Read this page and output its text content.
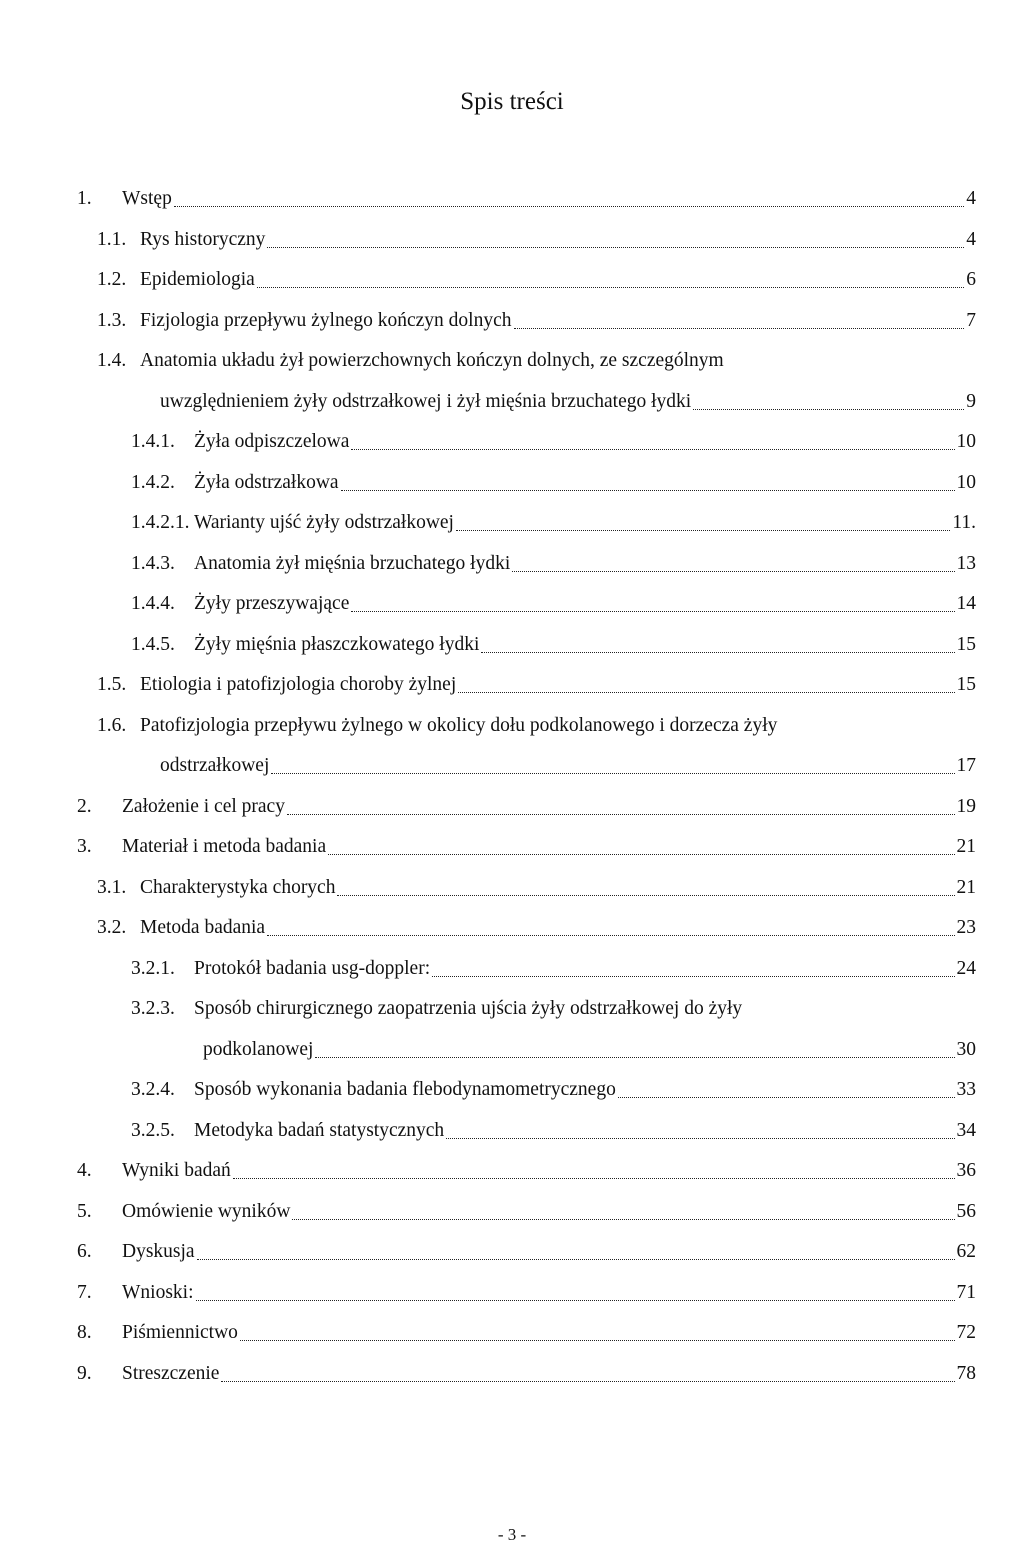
Spis treści
1.	Wstęp	4
1.1. Rys historyczny	4
1.2. Epidemiologia	6
1.3. Fizjologia przepływu żylnego kończyn dolnych	7
1.4. Anatomia układu żył powierzchownych kończyn dolnych, ze szczególnym
uwzględnieniem żyły odstrzałkowej i żył mięśnia brzuchatego łydki	9
1.4.1. Żyła odpiszczelowa	10
1.4.2. Żyła odstrzałkowa	10
1.4.2.1. Warianty ujść żyły odstrzałkowej	11.
1.4.3. Anatomia żył mięśnia brzuchatego łydki	13
1.4.4. Żyły przeszywające	14
1.4.5. Żyły mięśnia płaszczkowatego łydki	15
1.5. Etiologia i patofizjologia choroby żylnej	15
1.6. Patofizjologia przepływu żylnego w okolicy dołu podkolanowego i dorzecza żyły
odstrzałkowej	17
2.	Założenie i cel pracy	19
3.	Materiał i metoda badania	21
3.1. Charakterystyka chorych	21
3.2. Metoda badania	23
3.2.1. Protokół badania usg-doppler:	24
3.2.3. Sposób chirurgicznego zaopatrzenia ujścia żyły odstrzałkowej do żyły
podkolanowej	30
3.2.4. Sposób wykonania badania flebodynamometrycznego	33
3.2.5. Metodyka badań statystycznych	34
4.	Wyniki badań	36
5.	Omówienie wyników	56
6.	Dyskusja	62
7.	Wnioski:	71
8.	Piśmiennictwo	72
9.	Streszczenie	78
- 3 -
